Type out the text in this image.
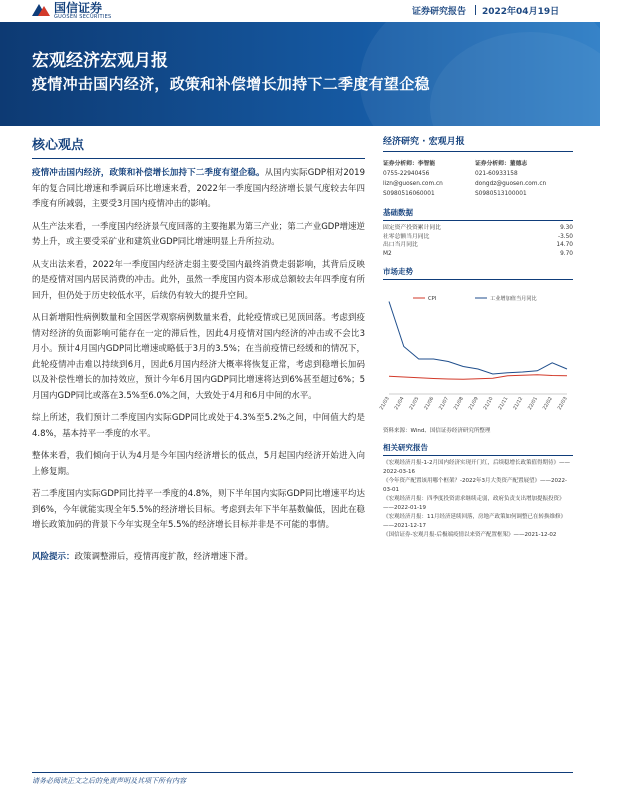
国信证券
GUOSEN SECURITIES
宏观经济宏观月报
疫情冲击国内经济，政策和补偿增长加持下二季度有望企稳
核心观点

疫情冲击国内经济，政策和补偿增长加持下二季度有望企稳。从国内实际GDP相对2019年的复合同比增速和季调后环比增速来看，2022年一季度国内经济增长景气度较去年四季度有所减弱，主要受3月国内疫情冲击的影响。

从生产法来看，一季度国内经济景气度回落的主要拖累为第三产业；第二产业GDP增速逆势上升，或主要受采矿业和建筑业GDP同比增速明显上升所拉动。

从支出法来看，2022年一季度国内经济走弱主要受国内最终消费走弱影响，其背后反映的是疫情对国内居民消费的冲击。此外，虽然一季度国内资本形成总额较去年四季度有所回升，但仍处于历史较低水平，后续仍有较大的提升空间。

从日新增阳性病例数量和全国医学观察病例数量来看，此轮疫情或已见顶回落。考虑到疫情对经济的负面影响可能存在一定的滞后性，因此4月疫情对国内经济的冲击或不会比3月小。预计4月国内GDP同比增速或略低于3月的3.5%；在当前疫情已经缓和的情况下，此轮疫情冲击难以持续到6月，因此6月国内经济大概率将恢复正常，考虑到稳增长加码以及补偿性增长的加持效应，预计今年6月国内GDP同比增速将达到6%甚至超过6%；5月国内GDP同比或落在3.5%至6.0%之间，大致处于4月和6月中间的水平。

综上所述，我们预计二季度国内实际GDP同比或处于4.3%至5.2%之间，中间值大约是4.8%，基本持平一季度的水平。

整体来看，我们倾向于认为4月是今年国内经济增长的低点，5月起国内经济开始进入向上修复期。

若二季度国内实际GDP同比持平一季度的4.8%，则下半年国内实际GDP同比增速平均达到6%，今年就能实现全年5.5%的经济增长目标。考虑到去年下半年基数偏低，因此在稳增长政策加码的背景下今年实现全年5.5%的经济增长目标并非是不可能的事情。

风险提示：政策调整滞后，疫情再度扩散，经济增速下滑。

经济研究 · 宏观月报
证券分析师：李智能
0755-22940456
lizn@guosen.com.cn
S0980516060001
证券分析师：董德志
021-60933158
dongdz@guosen.com.cn
S0980513100001
基础数据
固定资产投资累计同比	9.30
社零总额当月同比	-3.50
出口当月同比	14.70
M2	9.70
市场走势
CPI	工业增加值当月同比
21/03 21/04 21/05 21/06 21/07 21/08 21/09 21/10 21/11 21/12 22/01 22/02 22/03
资料来源：Wind、国信证券经济研究所整理
相关研究报告
《宏观经济月报-1-2月国内经济实现开门红，后续稳增长政策值得期待》——2022-03-16
《今年资产配置该用哪个框架？-2022年3月大类资产配置展望》——2022-03-01
《宏观经济月报：四季度投资需求继续走弱，政府负责支出增加提振投资》——2022-01-19
《宏观经济月报：11月经济延续回落，房地产政策如何调整已在转换维修》——2021-12-17
《国信证券-宏观月报-后极端疫情以来资产配置框架》——2021-12-02
请务必阅读正文之后的免责声明及其项下所有内容
